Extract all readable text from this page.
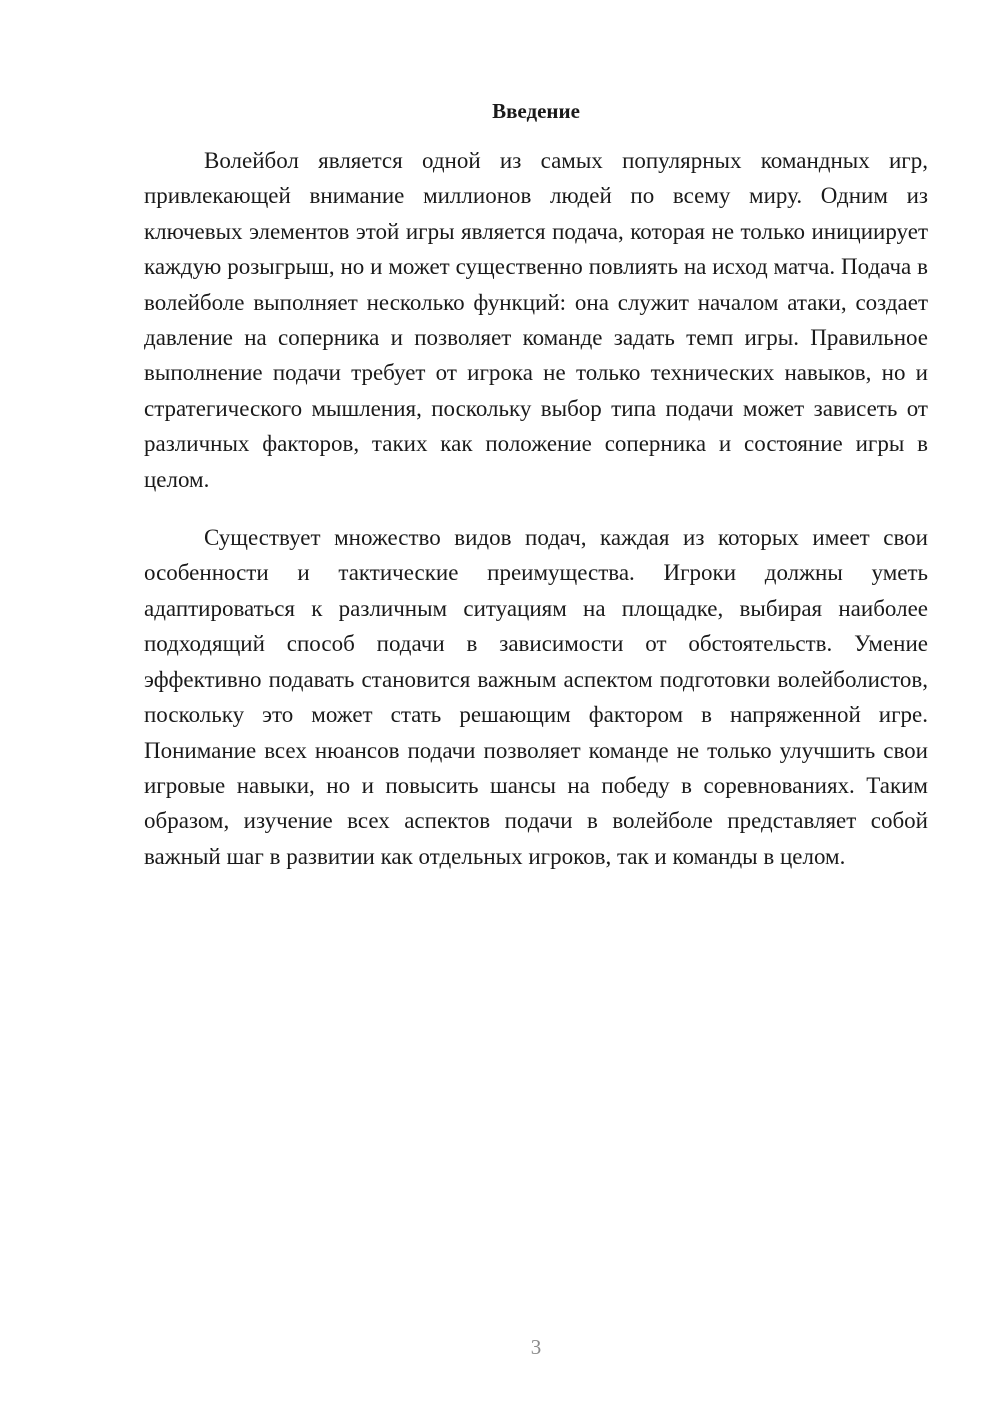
Введение

Волейбол является одной из самых популярных командных игр, привлекающей внимание миллионов людей по всему миру. Одним из ключевых элементов этой игры является подача, которая не только инициирует каждую розыгрыш, но и может существенно повлиять на исход матча. Подача в волейболе выполняет несколько функций: она служит началом атаки, создает давление на соперника и позволяет команде задать темп игры. Правильное выполнение подачи требует от игрока не только технических навыков, но и стратегического мышления, поскольку выбор типа подачи может зависеть от различных факторов, таких как положение соперника и состояние игры в целом.

Существует множество видов подач, каждая из которых имеет свои особенности и тактические преимущества. Игроки должны уметь адаптироваться к различным ситуациям на площадке, выбирая наиболее подходящий способ подачи в зависимости от обстоятельств. Умение эффективно подавать становится важным аспектом подготовки волейболистов, поскольку это может стать решающим фактором в напряженной игре. Понимание всех нюансов подачи позволяет команде не только улучшить свои игровые навыки, но и повысить шансы на победу в соревнованиях. Таким образом, изучение всех аспектов подачи в волейболе представляет собой важный шаг в развитии как отдельных игроков, так и команды в целом.

3
